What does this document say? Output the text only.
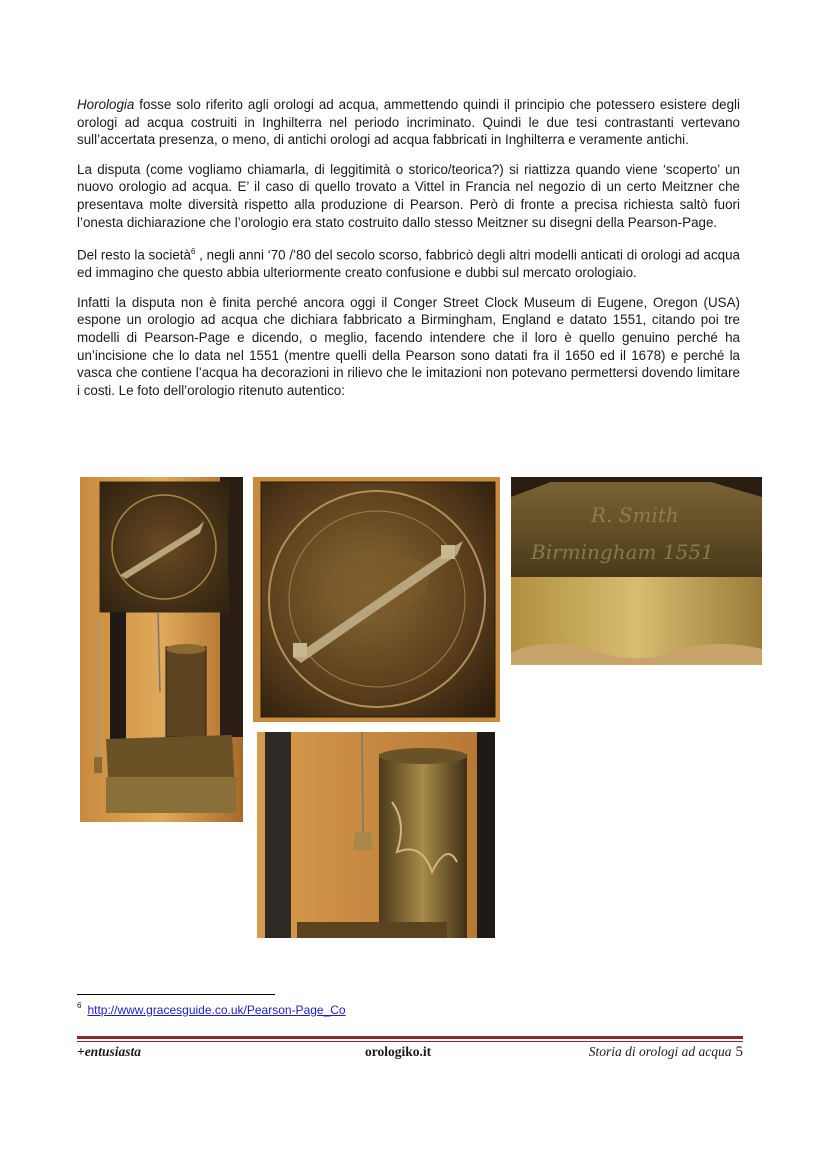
Horologia fosse solo riferito agli orologi ad acqua, ammettendo quindi il principio che potessero esistere degli orologi ad acqua costruiti in Inghilterra nel periodo incriminato. Quindi le due tesi contrastanti vertevano sull’accertata presenza, o meno, di antichi orologi ad acqua fabbricati in Inghilterra e veramente antichi.

La disputa (come vogliamo chiamarla, di leggitimità o storico/teorica?) si riattizza quando viene ‘scoperto’ un nuovo orologio ad acqua. E’ il caso di quello trovato a Vittel in Francia nel negozio di un certo Meitzner che presentava molte diversità rispetto alla produzione di Pearson. Però di fronte a precisa richiesta saltò fuori l’onesta dichiarazione che l’orologio era stato costruito dallo stesso Meitzner su disegni della Pearson-Page.

Del resto la società$^6$ , negli anni ‘70 /’80 del secolo scorso, fabbricò degli altri modelli anticati di orologi ad acqua ed immagino che questo abbia ulteriormente creato confusione e dubbi sul mercato orologiaio.

Infatti la disputa non è finita perché ancora oggi il Conger Street Clock Museum di Eugene, Oregon (USA) espone un orologio ad acqua che dichiara fabbricato a Birmingham, England e datato 1551, citando poi tre modelli di Pearson-Page e dicendo, o meglio, facendo intendere che il loro è quello genuino perché ha un’incisione che lo data nel 1551 (mentre quelli della Pearson sono datati fra il 1650 ed il 1678) e perché la vasca che contiene l’acqua ha decorazioni in rilievo che le imitazioni non potevano permettersi dovendo limitare i costi. Le foto dell’orologio ritenuto autentico:

R. Smith
Birmingham 1551
$^6$ http://www.gracesguide.co.uk/Pearson-Page_Co
+entusiasta	orologiko.it	Storia di orologi ad acqua 5
